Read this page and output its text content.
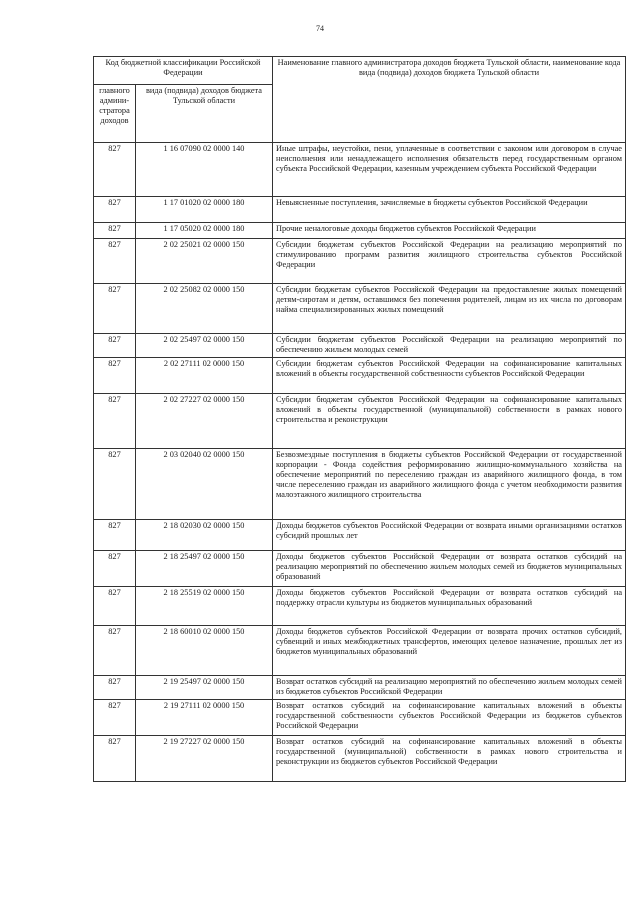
74
Код бюджетной классификации Российской Федерации		Наименование главного администратора доходов бюджета Тульской области, наименование кода вида (подвида) доходов бюджета Тульской области
главного админи-стратора доходов	вида (подвида) доходов бюджета Тульской области	
827	1 16 07090 02 0000 140	Иные штрафы, неустойки, пени, уплаченные в соответствии с законом или договором в случае неисполнения или ненадлежащего исполнения обязательств перед государственным органом субъекта Российской Федерации, казенным учреждением субъекта Российской Федерации
827	1 17 01020 02 0000 180	Невыясненные поступления, зачисляемые в бюджеты субъектов Российской Федерации
827	1 17 05020 02 0000 180	Прочие неналоговые доходы бюджетов субъектов Российской Федерации
827	2 02 25021 02 0000 150	Субсидии бюджетам субъектов Российской Федерации на реализацию мероприятий по стимулированию программ развития жилищного строительства субъектов Российской Федерации
827	2 02 25082 02 0000 150	Субсидии бюджетам субъектов Российской Федерации на предоставление жилых помещений детям-сиротам и детям, оставшимся без попечения родителей, лицам из их числа по договорам найма специализированных жилых помещений
827	2 02 25497 02 0000 150	Субсидии бюджетам субъектов Российской Федерации на реализацию мероприятий по обеспечению жильем молодых семей
827	2 02 27111 02 0000 150	Субсидии бюджетам субъектов Российской Федерации на софинансирование капитальных вложений в объекты государственной собственности субъектов Российской Федерации
827	2 02 27227 02 0000 150	Субсидии бюджетам субъектов Российской Федерации на софинансирование капитальных вложений в объекты государственной (муниципальной) собственности в рамках нового строительства и реконструкции
827	2 03 02040 02 0000 150	Безвозмездные поступления в бюджеты субъектов Российской Федерации от государственной корпорации - Фонда содействия реформированию жилищно-коммунального хозяйства на обеспечение мероприятий по переселению граждан из аварийного жилищного фонда, в том числе переселению граждан из аварийного жилищного фонда с учетом необходимости развития малоэтажного жилищного строительства
827	2 18 02030 02 0000 150	Доходы бюджетов субъектов Российской Федерации от возврата иными организациями остатков субсидий прошлых лет
827	2 18 25497 02 0000 150	Доходы бюджетов субъектов Российской Федерации от возврата остатков субсидий на реализацию мероприятий по обеспечению жильем молодых семей из бюджетов муниципальных образований
827	2 18 25519 02 0000 150	Доходы бюджетов субъектов Российской Федерации от возврата остатков субсидий на поддержку отрасли культуры из бюджетов муниципальных образований
827	2 18 60010 02 0000 150	Доходы бюджетов субъектов Российской Федерации от возврата прочих остатков субсидий, субвенций и иных межбюджетных трансфертов, имеющих целевое назначение, прошлых лет из бюджетов муниципальных образований
827	2 19 25497 02 0000 150	Возврат остатков субсидий на реализацию мероприятий по обеспечению жильем молодых семей из бюджетов субъектов Российской Федерации
827	2 19 27111 02 0000 150	Возврат остатков субсидий на софинансирование капитальных вложений в объекты государственной собственности субъектов Российской Федерации из бюджетов субъектов Российской Федерации
827	2 19 27227 02 0000 150	Возврат остатков субсидий на софинансирование капитальных вложений в объекты государственной (муниципальной) собственности в рамках нового строительства и реконструкции из бюджетов субъектов Российской Федерации
